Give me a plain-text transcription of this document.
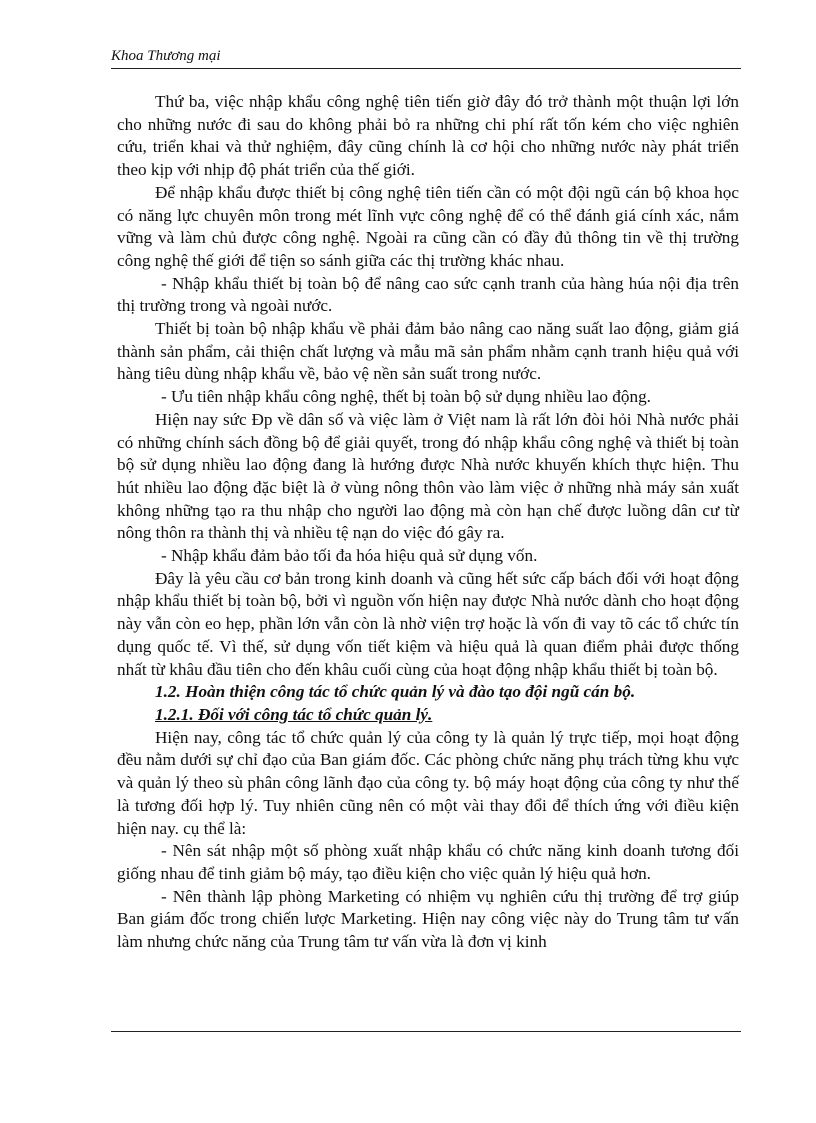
Khoa Thương mại

Thứ ba, việc nhập khẩu công nghệ tiên tiến giờ đây đó trở thành một thuận lợi lớn cho những nước đi sau do không phải bỏ ra những chi phí rất tốn kém cho việc nghiên cứu, triển khai và thử nghiệm, đây cũng chính là cơ hội cho những nước này phát triển theo kịp với nhịp độ phát triển của thế giới.

Để nhập khẩu được thiết bị công nghệ tiên tiến cần có một đội ngũ cán bộ khoa học có năng lực chuyên môn trong mét lĩnh vực công nghệ để có thể đánh giá cính xác, nắm vững và làm chủ được công nghệ. Ngoài ra cũng cần có đầy đủ thông tin về thị trường công nghệ thế giới để tiện so sánh giữa các thị trường khác nhau.

- Nhập khẩu thiết bị toàn bộ để nâng cao sức cạnh tranh của hàng húa nội địa trên thị trường trong và ngoài nước.

Thiết bị toàn bộ nhập khẩu về phải đảm bảo nâng cao năng suất lao động, giảm giá thành sản phẩm, cải thiện chất lượng và mẫu mã sản phẩm nhằm cạnh tranh hiệu quả với hàng tiêu dùng nhập khẩu về, bảo vệ nền sản suất trong nước.

- Ưu tiên nhập khẩu công nghệ, thết bị toàn bộ sử dụng nhiều lao động.

Hiện nay sức Đp về dân số và việc làm ở Việt nam là rất lớn đòi hỏi Nhà nước phải có những chính sách đồng bộ để giải quyết, trong đó nhập khẩu công nghệ và thiết bị toàn bộ sử dụng nhiều lao động đang là hướng được Nhà nước khuyến khích thực hiện. Thu hút nhiều lao động đặc biệt là ở vùng nông thôn vào làm việc ở những nhà máy sản xuất không những tạo ra thu nhập cho người lao động mà còn hạn chế được luồng dân cư từ nông thôn ra thành thị và nhiều tệ nạn do việc đó gây ra.

- Nhập khẩu đảm bảo tối đa hóa hiệu quả sử dụng vốn.

Đây là yêu cầu cơ bản trong kinh doanh và cũng hết sức cấp bách đối với hoạt động nhập khẩu thiết bị toàn bộ, bởi vì nguồn vốn hiện nay được Nhà nước dành cho hoạt động này vẫn còn eo hẹp, phần lớn vẫn còn là nhờ viện trợ hoặc là vốn đi vay tõ các tổ chức tín dụng quốc tế. Vì thế, sử dụng vốn tiết kiệm và hiệu quả là quan điểm phải được thống nhất từ khâu đầu tiên cho đến khâu cuối cùng của hoạt động nhập khẩu thiết bị toàn bộ.

1.2. Hoàn thiện công tác tổ chức quản lý và đào tạo đội ngũ cán bộ.

1.2.1. Đối với công tác tổ chức quản lý.

Hiện nay, công tác tổ chức quản lý của công ty là quản lý trực tiếp, mọi hoạt động đều nằm dưới sự chỉ đạo của Ban giám đốc. Các phòng chức năng phụ trách từng khu vực và quản lý theo sù phân công lãnh đạo của công ty. bộ máy hoạt động của công ty như thế là tương đối hợp lý. Tuy nhiên cũng nên có một vài thay đổi để thích ứng với điều kiện hiện nay. cụ thể là:

- Nên sát nhập một số phòng xuất nhập khẩu có chức năng kinh doanh tương đối giống nhau để tinh giảm bộ máy, tạo điều kiện cho việc quản lý hiệu quả hơn.

- Nên thành lập phòng Marketing có nhiệm vụ nghiên cứu thị trường để trợ giúp Ban giám đốc trong chiến lược Marketing. Hiện nay công việc này do Trung tâm tư vấn làm nhưng chức năng của Trung tâm tư vấn vừa là đơn vị kinh
